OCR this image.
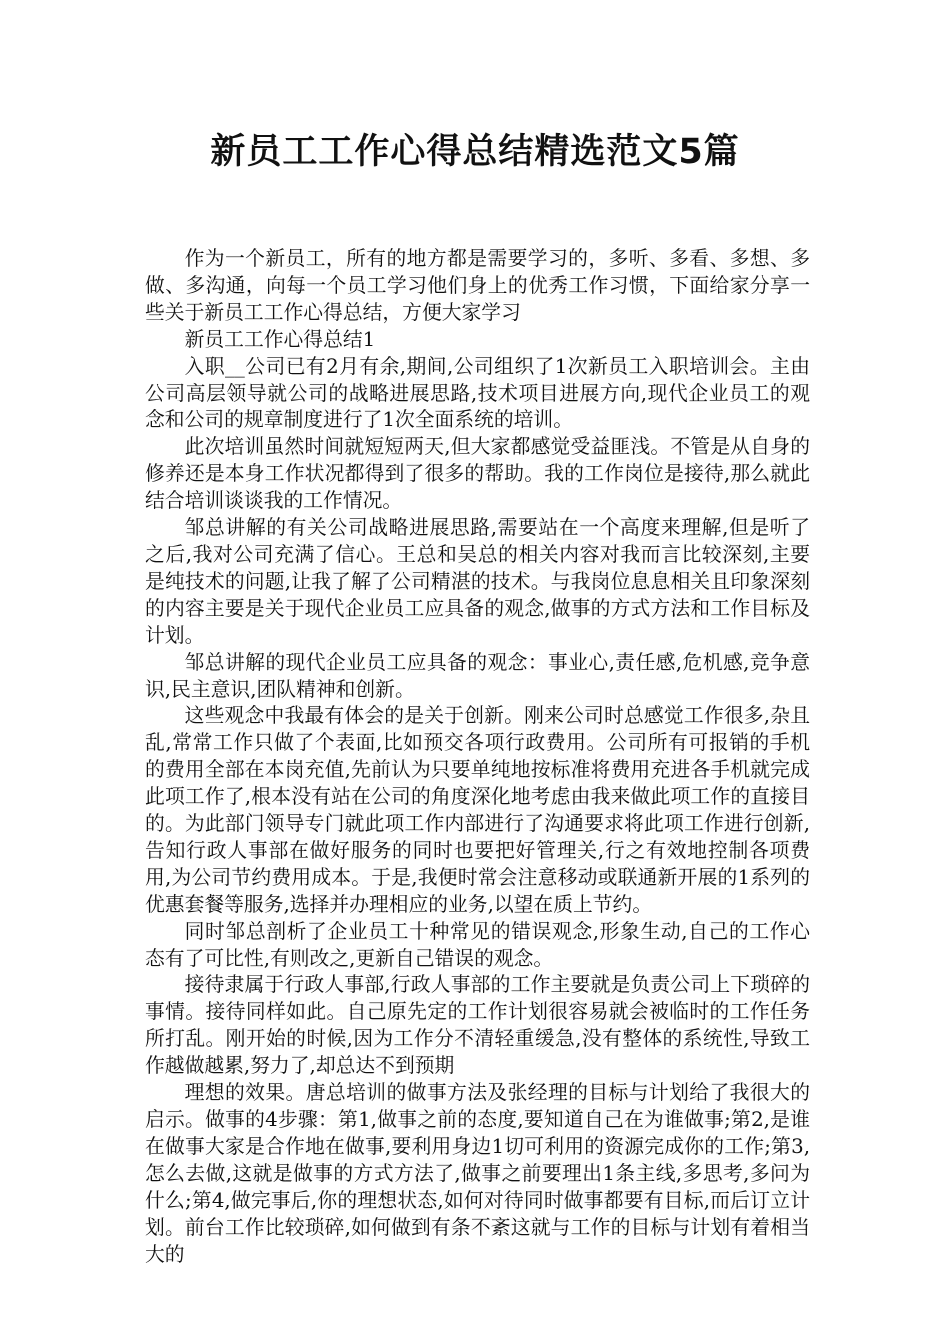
新员工工作心得总结精选范文5篇

作为一个新员工，所有的地方都是需要学习的，多听、多看、多想、多做、多沟通，向每一个员工学习他们身上的优秀工作习惯，下面给家分享一些关于新员工工作心得总结，方便大家学习

新员工工作心得总结1

入职__公司已有2月有余,期间,公司组织了1次新员工入职培训会。主由公司高层领导就公司的战略进展思路,技术项目进展方向,现代企业员工的观念和公司的规章制度进行了1次全面系统的培训。

此次培训虽然时间就短短两天,但大家都感觉受益匪浅。不管是从自身的修养还是本身工作状况都得到了很多的帮助。我的工作岗位是接待,那么就此结合培训谈谈我的工作情况。

邹总讲解的有关公司战略进展思路,需要站在一个高度来理解,但是听了之后,我对公司充满了信心。王总和吴总的相关内容对我而言比较深刻,主要是纯技术的问题,让我了解了公司精湛的技术。与我岗位息息相关且印象深刻的内容主要是关于现代企业员工应具备的观念,做事的方式方法和工作目标及计划。

邹总讲解的现代企业员工应具备的观念：事业心,责任感,危机感,竞争意识,民主意识,团队精神和创新。

这些观念中我最有体会的是关于创新。刚来公司时总感觉工作很多,杂且乱,常常工作只做了个表面,比如预交各项行政费用。公司所有可报销的手机的费用全部在本岗充值,先前认为只要单纯地按标准将费用充进各手机就完成此项工作了,根本没有站在公司的角度深化地考虑由我来做此项工作的直接目的。为此部门领导专门就此项工作内部进行了沟通要求将此项工作进行创新,告知行政人事部在做好服务的同时也要把好管理关,行之有效地控制各项费用,为公司节约费用成本。于是,我便时常会注意移动或联通新开展的1系列的优惠套餐等服务,选择并办理相应的业务,以望在质上节约。

同时邹总剖析了企业员工十种常见的错误观念,形象生动,自己的工作心态有了可比性,有则改之,更新自己错误的观念。

接待隶属于行政人事部,行政人事部的工作主要就是负责公司上下琐碎的事情。接待同样如此。自己原先定的工作计划很容易就会被临时的工作任务所打乱。刚开始的时候,因为工作分不清轻重缓急,没有整体的系统性,导致工作越做越累,努力了,却总达不到预期

理想的效果。唐总培训的做事方法及张经理的目标与计划给了我很大的启示。做事的4步骤：第1,做事之前的态度,要知道自己在为谁做事;第2,是谁在做事大家是合作地在做事,要利用身边1切可利用的资源完成你的工作;第3,怎么去做,这就是做事的方式方法了,做事之前要理出1条主线,多思考,多问为什么;第4,做完事后,你的理想状态,如何对待同时做事都要有目标,而后订立计划。前台工作比较琐碎,如何做到有条不紊这就与工作的目标与计划有着相当大的
